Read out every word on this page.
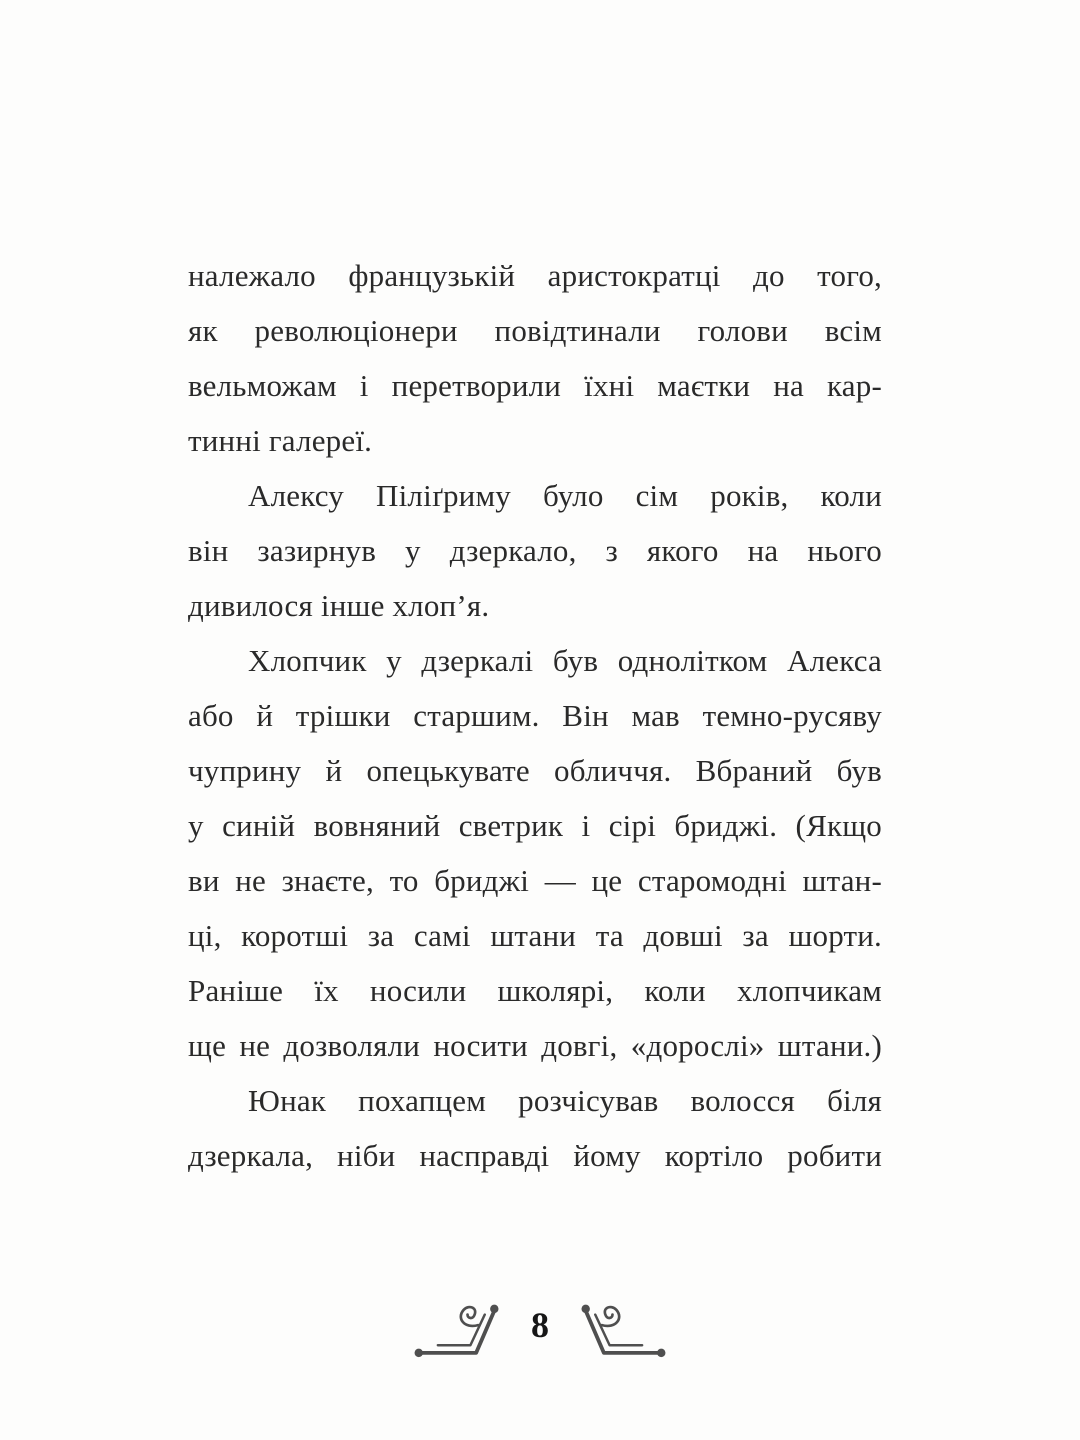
належало французькій аристократці до того,
як революціонери повідтинали голови всім
вельможам і перетворили їхні маєтки на кар-
тинні галереї.

Алексу Піліґриму було сім років, коли
він зазирнув у дзеркало, з якого на нього
дивилося інше хлоп’я.

Хлопчик у дзеркалі був однолітком Алекса
або й трішки старшим. Він мав темно-русяву
чуприну й опецькувате обличчя. Вбраний був
у синій вовняний светрик і сірі бриджі. (Якщо
ви не знаєте, то бриджі — це старомодні штан-
ці, коротші за самі штани та довші за шорти.
Раніше їх носили школярі, коли хлопчикам
ще не дозволяли носити довгі, «дорослі» штани.)

Юнак похапцем розчісував волосся біля
дзеркала, ніби насправді йому кортіло робити

8
